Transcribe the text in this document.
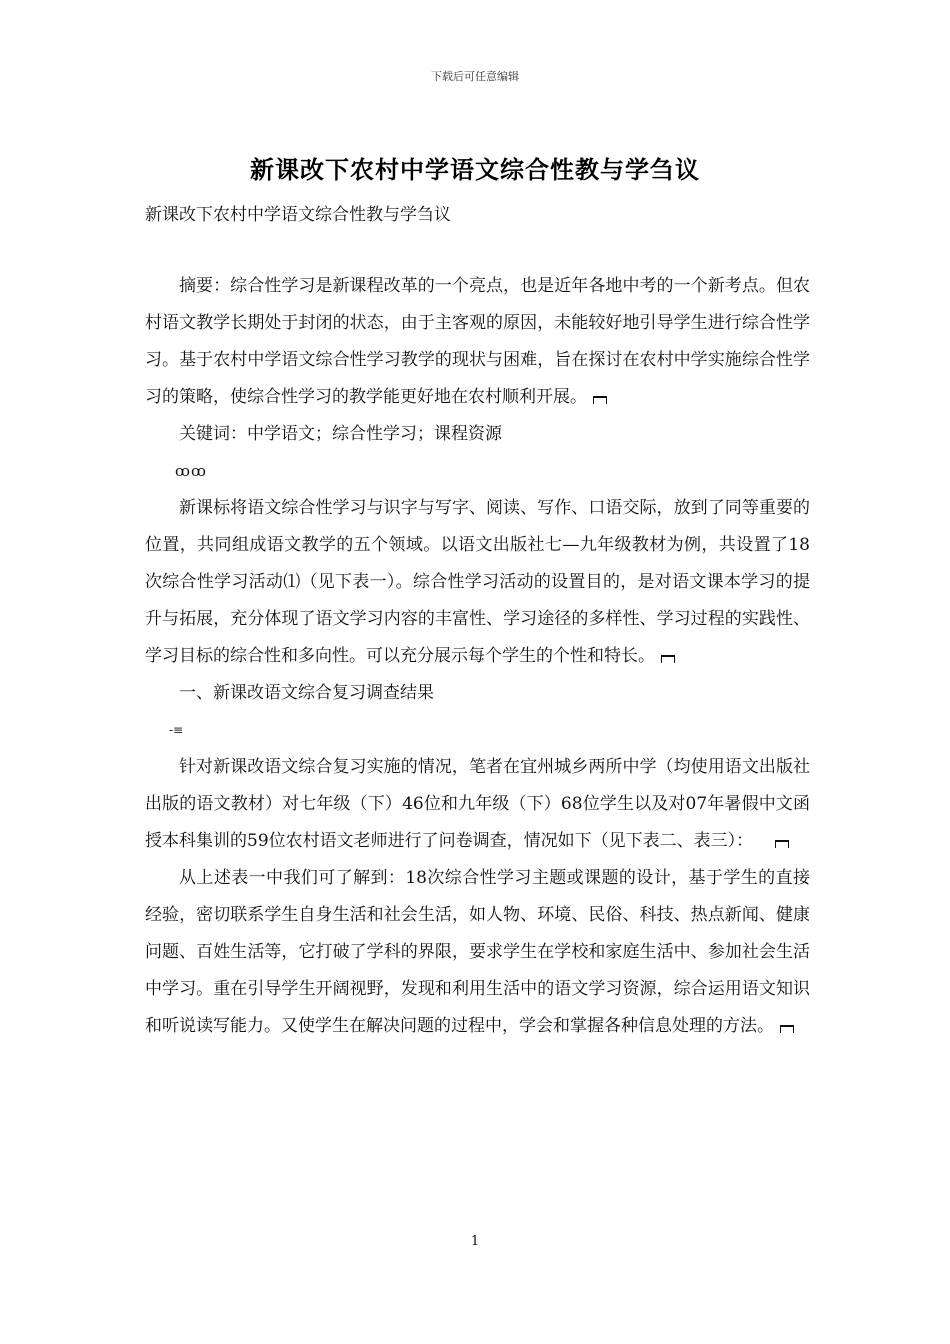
下载后可任意编辑
新课改下农村中学语文综合性教与学刍议
新课改下农村中学语文综合性教与学刍议

摘要：综合性学习是新课程改革的一个亮点，也是近年各地中考的一个新考点。但农村语文教学长期处于封闭的状态，由于主客观的原因，未能较好地引导学生进行综合性学习。基于农村中学语文综合性学习教学的现状与困难，旨在探讨在农村中学实施综合性学习的策略，使综合性学习的教学能更好地在农村顺利开展。

关键词：中学语文；综合性学习；课程资源

ꝏꝏ

新课标将语文综合性学习与识字与写字、阅读、写作、口语交际，放到了同等重要的位置，共同组成语文教学的五个领域。以语文出版社七—九年级教材为例，共设置了18次综合性学习活动⑴（见下表一）。综合性学习活动的设置目的，是对语文课本学习的提升与拓展，充分体现了语文学习内容的丰富性、学习途径的多样性、学习过程的实践性、学习目标的综合性和多向性。可以充分展示每个学生的个性和特长。

一、新课改语文综合复习调查结果

-≡

针对新课改语文综合复习实施的情况，笔者在宜州城乡两所中学（均使用语文出版社出版的语文教材）对七年级（下）46位和九年级（下）68位学生以及对07年暑假中文函授本科集训的59位农村语文老师进行了问卷调查，情况如下（见下表二、表三）：

从上述表一中我们可了解到：18次综合性学习主题或课题的设计，基于学生的直接经验，密切联系学生自身生活和社会生活，如人物、环境、民俗、科技、热点新闻、健康问题、百姓生活等，它打破了学科的界限，要求学生在学校和家庭生活中、参加社会生活中学习。重在引导学生开阔视野，发现和利用生活中的语文学习资源，综合运用语文知识和听说读写能力。又使学生在解决问题的过程中，学会和掌握各种信息处理的方法。

1
